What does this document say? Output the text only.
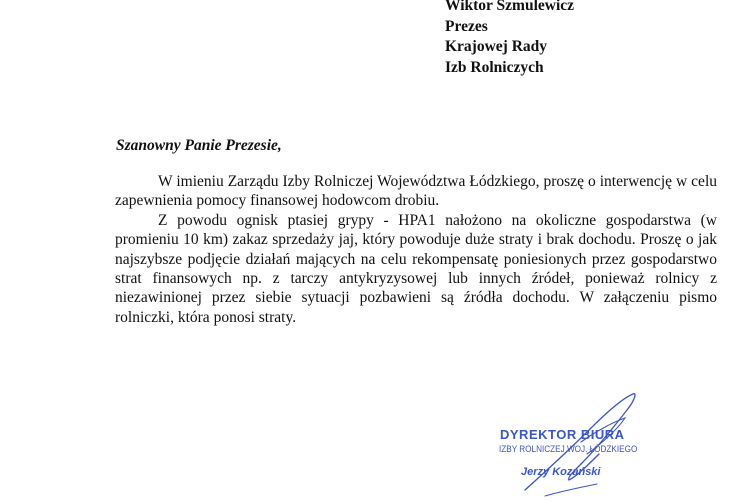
Wiktor Szmulewicz
Prezes
Krajowej Rady
Izb Rolniczych
Szanowny Panie Prezesie,

W imieniu Zarządu Izby Rolniczej Województwa Łódzkiego, proszę o interwencję w celu zapewnienia pomocy finansowej hodowcom drobiu.

Z powodu ognisk ptasiej grypy - HPA1 nałożono na okoliczne gospodarstwa (w promieniu 10 km) zakaz sprzedaży jaj, który powoduje duże straty i brak dochodu. Proszę o jak najszybsze podjęcie działań mających na celu rekompensatę poniesionych przez gospodarstwo strat finansowych np. z tarczy antykryzysowej lub innych źródeł, ponieważ rolnicy z niezawinionej przez siebie sytuacji pozbawieni są źródła dochodu. W załączeniu pismo rolniczki, która ponosi straty.

DYREKTOR BIURA
IZBY ROLNICZEJ WOJ. ŁÓDZKIEGO
Jerzy Kozański
